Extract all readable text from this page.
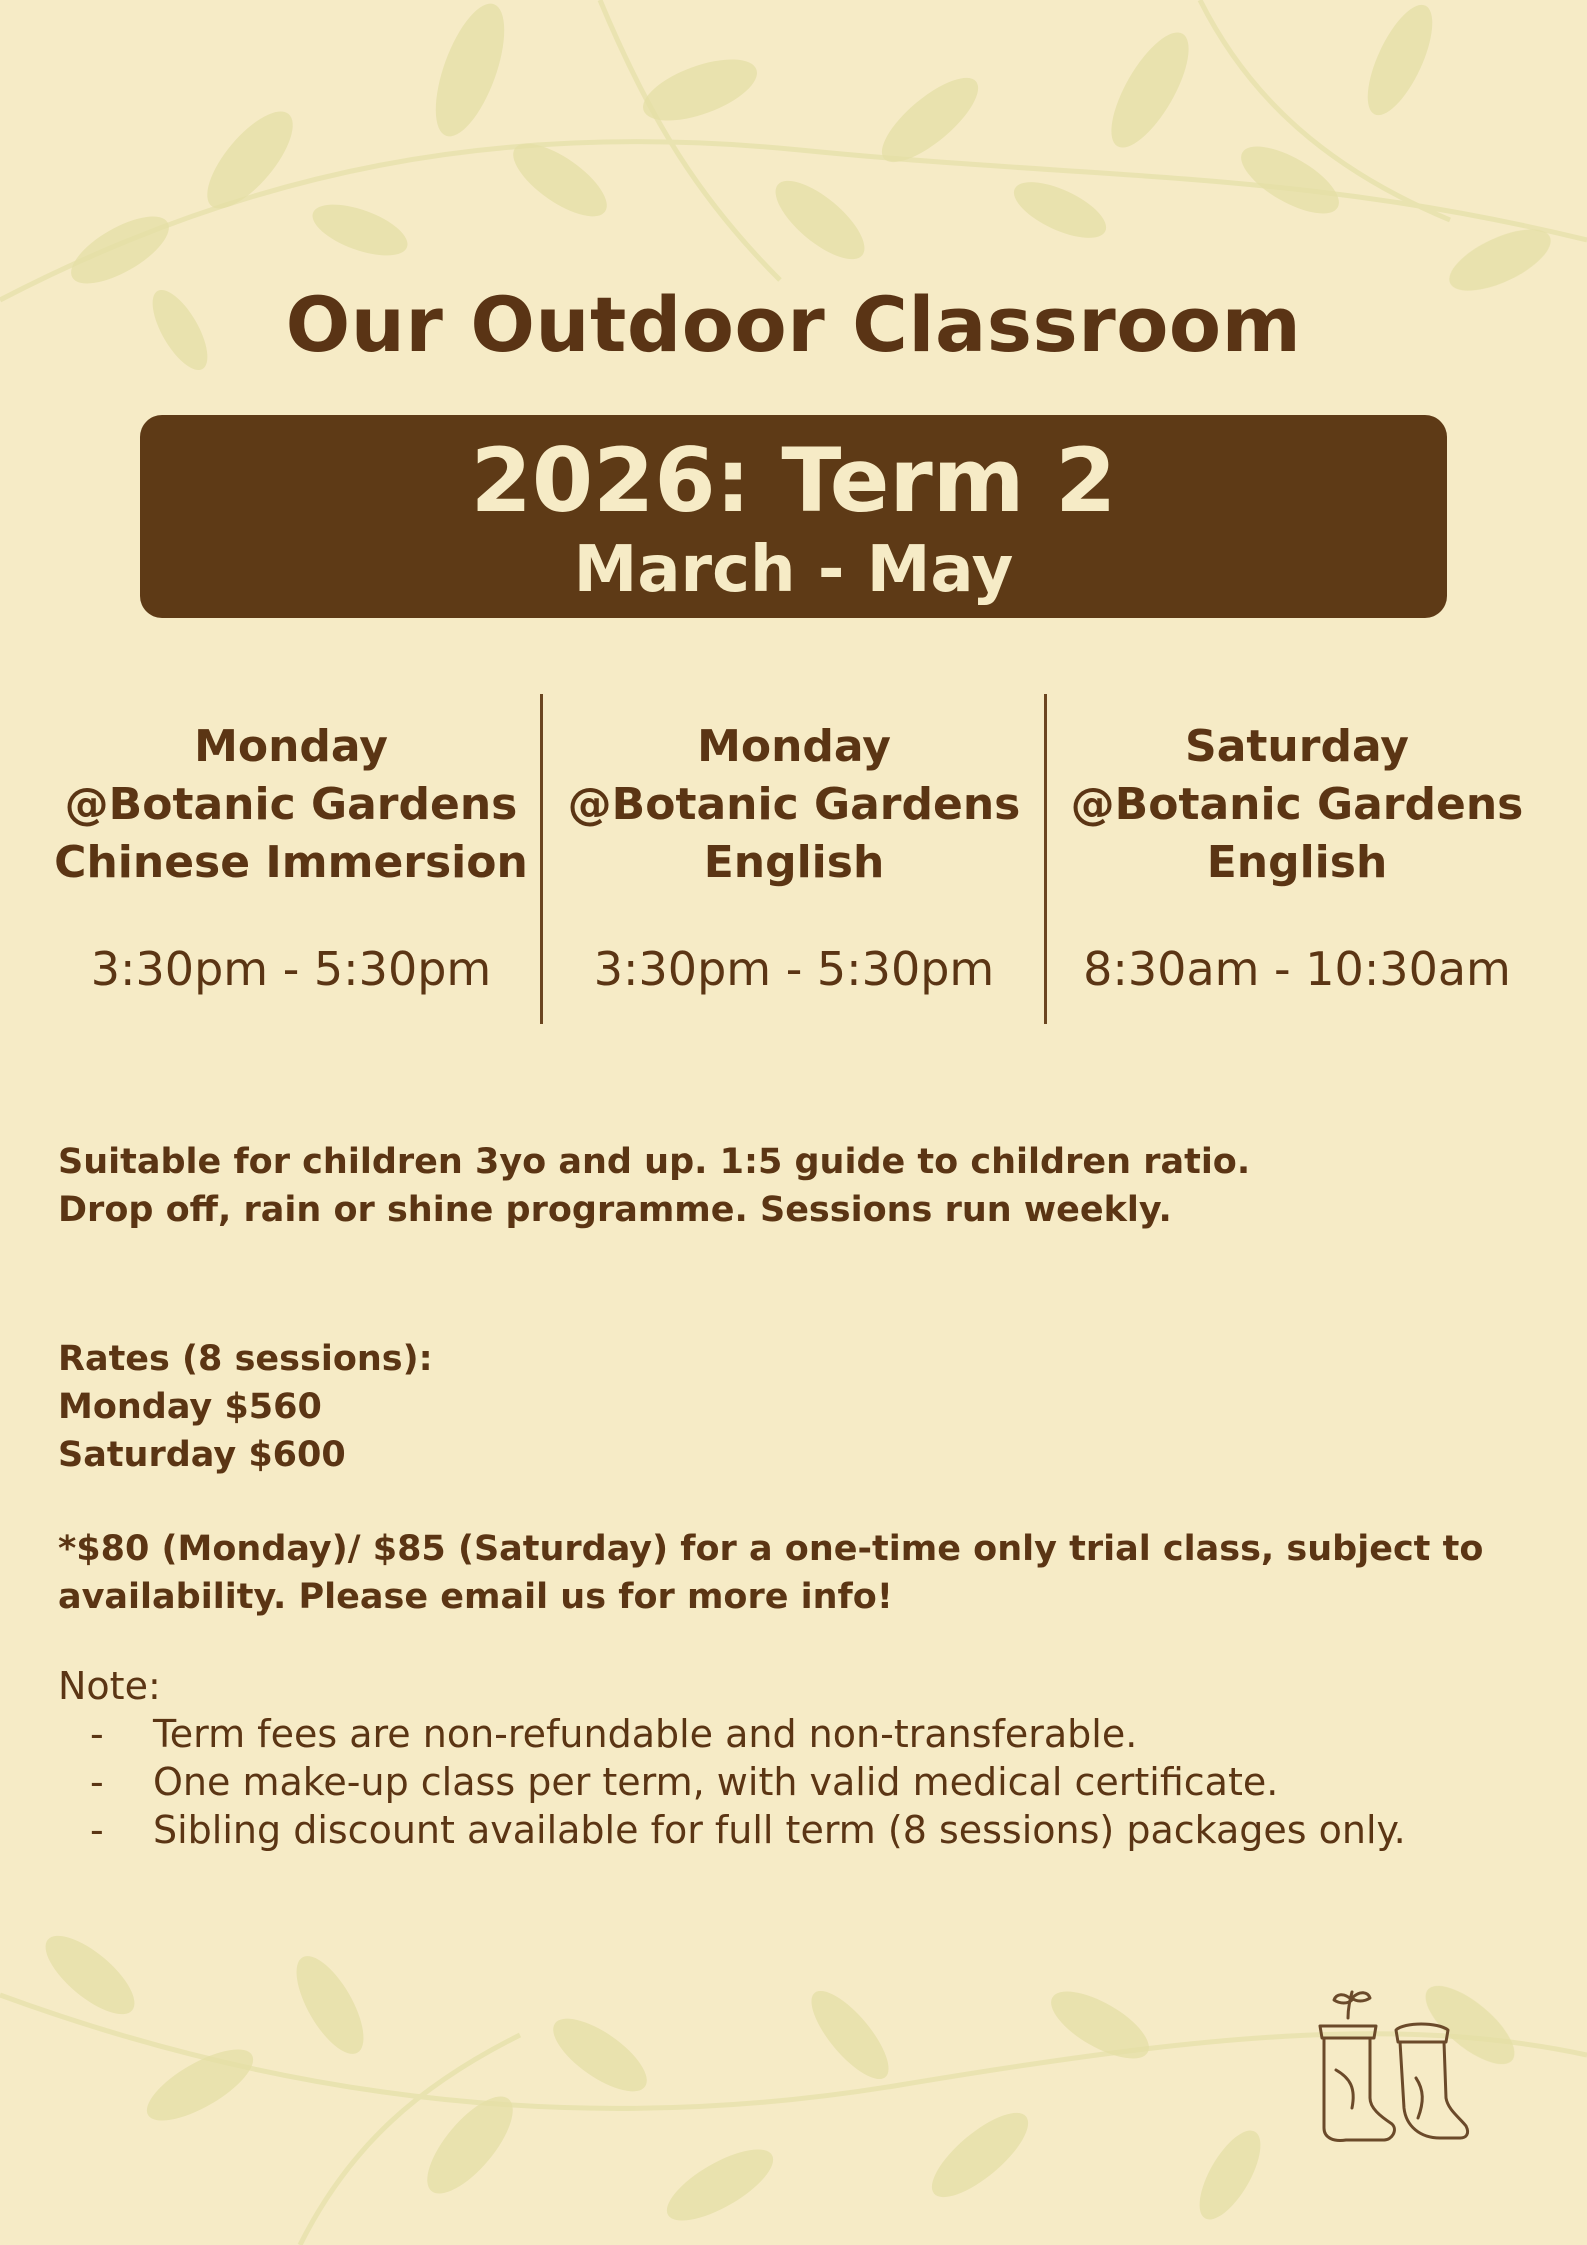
Our Outdoor Classroom
2026: Term 2
March - May
Monday
@Botanic Gardens
Chinese Immersion
3:30pm - 5:30pm
Monday
@Botanic Gardens
English
3:30pm - 5:30pm
Saturday
@Botanic Gardens
English
8:30am - 10:30am
Suitable for children 3yo and up. 1:5 guide to children ratio.
Drop off, rain or shine programme. Sessions run weekly.
Rates (8 sessions):
Monday $560
Saturday $600
*$80 (Monday)/ $85 (Saturday) for a one-time only trial class, subject to
availability. Please email us for more info!
Note:
- Term fees are non-refundable and non-transferable.
- One make-up class per term, with valid medical certificate.
- Sibling discount available for full term (8 sessions) packages only.
